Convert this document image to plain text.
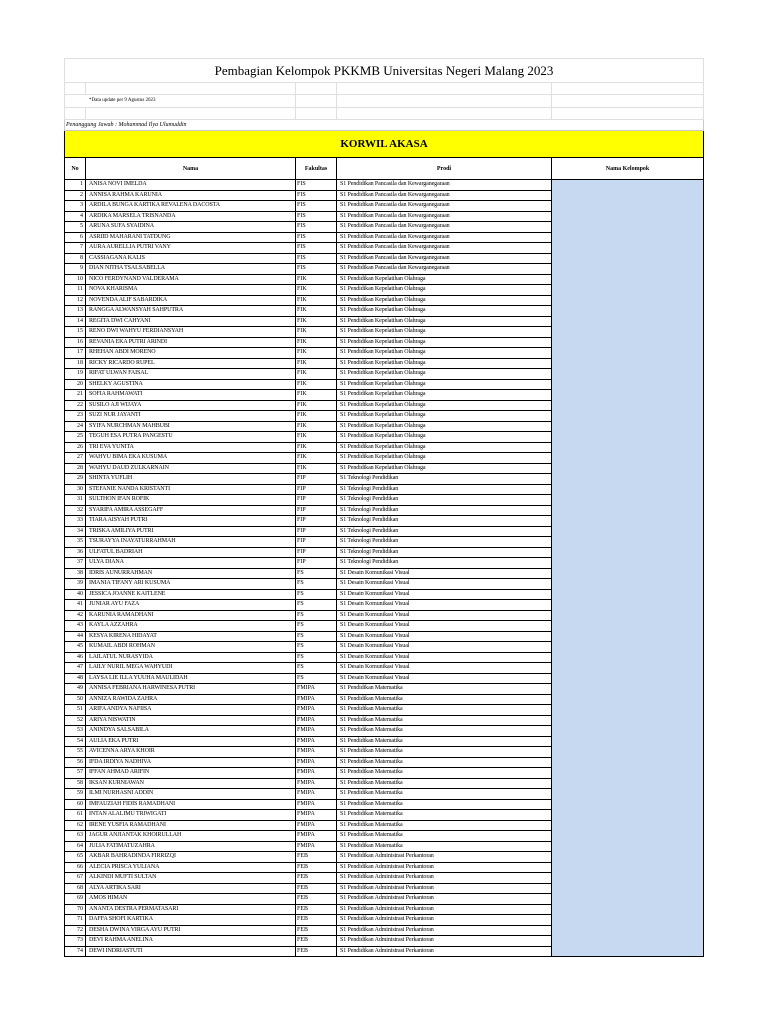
Pembagian Kelompok PKKMB Universitas Negeri Malang 2023				

*Data update per 9 Agustus 2023				

Penanggung Jawab : Mohammad Ilya Ulumuddin				
KORWIL AKASA				
No	Nama	Fakultas	Prodi	Nama Kelompok
1	ANISA NOVI IMELDA	FIS	S1 Pendidikan Pancasila dan Kewarganegaraan	
2	ANNISA RAHMA KARUNIA	FIS	S1 Pendidikan Pancasila dan Kewarganegaraan	
3	ARDILA BUNGA KARTIKA REVALENA DACOSTA	FIS	S1 Pendidikan Pancasila dan Kewarganegaraan	
4	ARDIKA MARSELA TRISNANDA	FIS	S1 Pendidikan Pancasila dan Kewarganegaraan	
5	ARUNA SUFA SYAIDINA	FIS	S1 Pendidikan Pancasila dan Kewarganegaraan	
6	ASRIID MAHARANI TATDUNG	FIS	S1 Pendidikan Pancasila dan Kewarganegaraan	
7	AURA AURELLIA PUTRI VANY	FIS	S1 Pendidikan Pancasila dan Kewarganegaraan	
8	CASSIAGANA KALIS	FIS	S1 Pendidikan Pancasila dan Kewarganegaraan	
9	DIAN NITHA TSALSABELLA	FIS	S1 Pendidikan Pancasila dan Kewarganegaraan	
10	NICO FERDYNAND VALDERAMA	FIK	S1 Pendidikan Kepelatihan Olahraga	
11	NOVA KHARISMA	FIK	S1 Pendidikan Kepelatihan Olahraga	
12	NOVENDA ALIF SABARDIKA	FIK	S1 Pendidikan Kepelatihan Olahraga	
13	RANGGA ALWANSYAH SAHPUTRA	FIK	S1 Pendidikan Kepelatihan Olahraga	
14	REGITA DWI CAHYANI	FIK	S1 Pendidikan Kepelatihan Olahraga	
15	RENO DWI WAHYU FERDIANSYAH	FIK	S1 Pendidikan Kepelatihan Olahraga	
16	REVANIA EKA PUTRI ARINDI	FIK	S1 Pendidikan Kepelatihan Olahraga	
17	RHEHAN ABDI MORENO	FIK	S1 Pendidikan Kepelatihan Olahraga	
18	RICKY RICARDO RUPEL	FIK	S1 Pendidikan Kepelatihan Olahraga	
19	RIFAT ULWAN FAISAL	FIK	S1 Pendidikan Kepelatihan Olahraga	
20	SHELKY AGUSTINA	FIK	S1 Pendidikan Kepelatihan Olahraga	
21	SOFIA RAHMAWATI	FIK	S1 Pendidikan Kepelatihan Olahraga	
22	SUSILO AJI WIJAYA	FIK	S1 Pendidikan Kepelatihan Olahraga	
23	SUZI NUR JAYANTI	FIK	S1 Pendidikan Kepelatihan Olahraga	
24	SYIFA NURCHMAN MAHBUBI	FIK	S1 Pendidikan Kepelatihan Olahraga	
25	TEGUH ESA PUTRA PANGESTU	FIK	S1 Pendidikan Kepelatihan Olahraga	
26	TRI EVA YUNITA	FIK	S1 Pendidikan Kepelatihan Olahraga	
27	WAHYU BIMA EKA KUSUMA	FIK	S1 Pendidikan Kepelatihan Olahraga	
28	WAHYU DAUD ZULKARNAIN	FIK	S1 Pendidikan Kepelatihan Olahraga	
29	SHINTA YUFLIH	FIP	S1 Teknologi Pendidikan	
30	STEFANIE NANDA KRISTANTI	FIP	S1 Teknologi Pendidikan	
31	SULTHON IFAN ROFIK	FIP	S1 Teknologi Pendidikan	
32	SYARIFA AMIRA ASSEGAFF	FIP	S1 Teknologi Pendidikan	
33	TIARA AISYAH PUTRI	FIP	S1 Teknologi Pendidikan	
34	TRISKA AMILIYA PUTRI	FIP	S1 Teknologi Pendidikan	
35	TSURAYYA INAYATURRAHMAH	FIP	S1 Teknologi Pendidikan	
36	ULFATUL BADRIAH	FIP	S1 Teknologi Pendidikan	
37	ULYA DIANA	FIP	S1 Teknologi Pendidikan	
38	IDRIS AUNURRAHMAN	FS	S1 Desain Komunikasi Visual	
39	IMANIA TIFANY ARI KUSUMA	FS	S1 Desain Komunikasi Visual	
40	JESSICA JOANNE KAITLENE	FS	S1 Desain Komunikasi Visual	
41	JUNIAR AYU FAZA	FS	S1 Desain Komunikasi Visual	
42	KARUNIA RAMADHANI	FS	S1 Desain Komunikasi Visual	
43	KAYLA AZZAHRA	FS	S1 Desain Komunikasi Visual	
44	KESYA KIRENA HIDAYAT	FS	S1 Desain Komunikasi Visual	
45	KUMAIL ABDI ROHMAN	FS	S1 Desain Komunikasi Visual	
46	LAILATUL NURASYIDA	FS	S1 Desain Komunikasi Visual	
47	LAILY NURIL MEGA WAHYUDI	FS	S1 Desain Komunikasi Visual	
48	LAYSA LIE ILLA YUUHA MAULIDAH	FS	S1 Desain Komunikasi Visual	
49	ANNISA FEBRIANA HARWINESA PUTRI	FMIPA	S1 Pendidikan Matematika	
50	ANNIZA RAWIDA ZAHRA	FMIPA	S1 Pendidikan Matematika	
51	ARIFA ANDYA NAFIISA	FMIPA	S1 Pendidikan Matematika	
52	ARIYA NISWATIN	FMIPA	S1 Pendidikan Matematika	
53	ANINDYA SALSABILA	FMIPA	S1 Pendidikan Matematika	
54	AULIA EKA PUTRI	FMIPA	S1 Pendidikan Matematika	
55	AVICENNA ARYA KHOIR	FMIPA	S1 Pendidikan Matematika	
56	IFDA IRDIYA NADHIVA	FMIPA	S1 Pendidikan Matematika	
57	IFFAN AHMAD ARIFIN	FMIPA	S1 Pendidikan Matematika	
58	IKSAN KURNIAWAN	FMIPA	S1 Pendidikan Matematika	
59	ILMI NURHASNI ADDIN	FMIPA	S1 Pendidikan Matematika	
60	IMFAUZIAH FIDIS RAMADHANI	FMIPA	S1 Pendidikan Matematika	
61	INTAN ALALIMU TRIWIGATI	FMIPA	S1 Pendidikan Matematika	
62	IRENE YUSFIA RAMADHANI	FMIPA	S1 Pendidikan Matematika	
63	JAGUR ANJIANTAK KHOIRULLAH	FMIPA	S1 Pendidikan Matematika	
64	JULIA FATIMATUZAHRA	FMIPA	S1 Pendidikan Matematika	
65	AKBAR BAHRADINDA FIRRIZQI	FEB	S1 Pendidikan Administrasi Perkantoran	
66	ALECIA PRISCA YULIANA	FEB	S1 Pendidikan Administrasi Perkantoran	
67	ALKINDI MUFTI SULTAN	FEB	S1 Pendidikan Administrasi Perkantoran	
68	ALYA ARTIKA SARI	FEB	S1 Pendidikan Administrasi Perkantoran	
69	AMOS HIMAN	FEB	S1 Pendidikan Administrasi Perkantoran	
70	ANANTA DESTRA PERMATASARI	FEB	S1 Pendidikan Administrasi Perkantoran	
71	DAFFA SHOFI KARTIKA	FEB	S1 Pendidikan Administrasi Perkantoran	
72	DESHA DWINA VIRGA AYU PUTRI	FEB	S1 Pendidikan Administrasi Perkantoran	
73	DEVI RAHMA ANELINA	FEB	S1 Pendidikan Administrasi Perkantoran	
74	DEWI INDRIASTUTI	FEB	S1 Pendidikan Administrasi Perkantoran	
